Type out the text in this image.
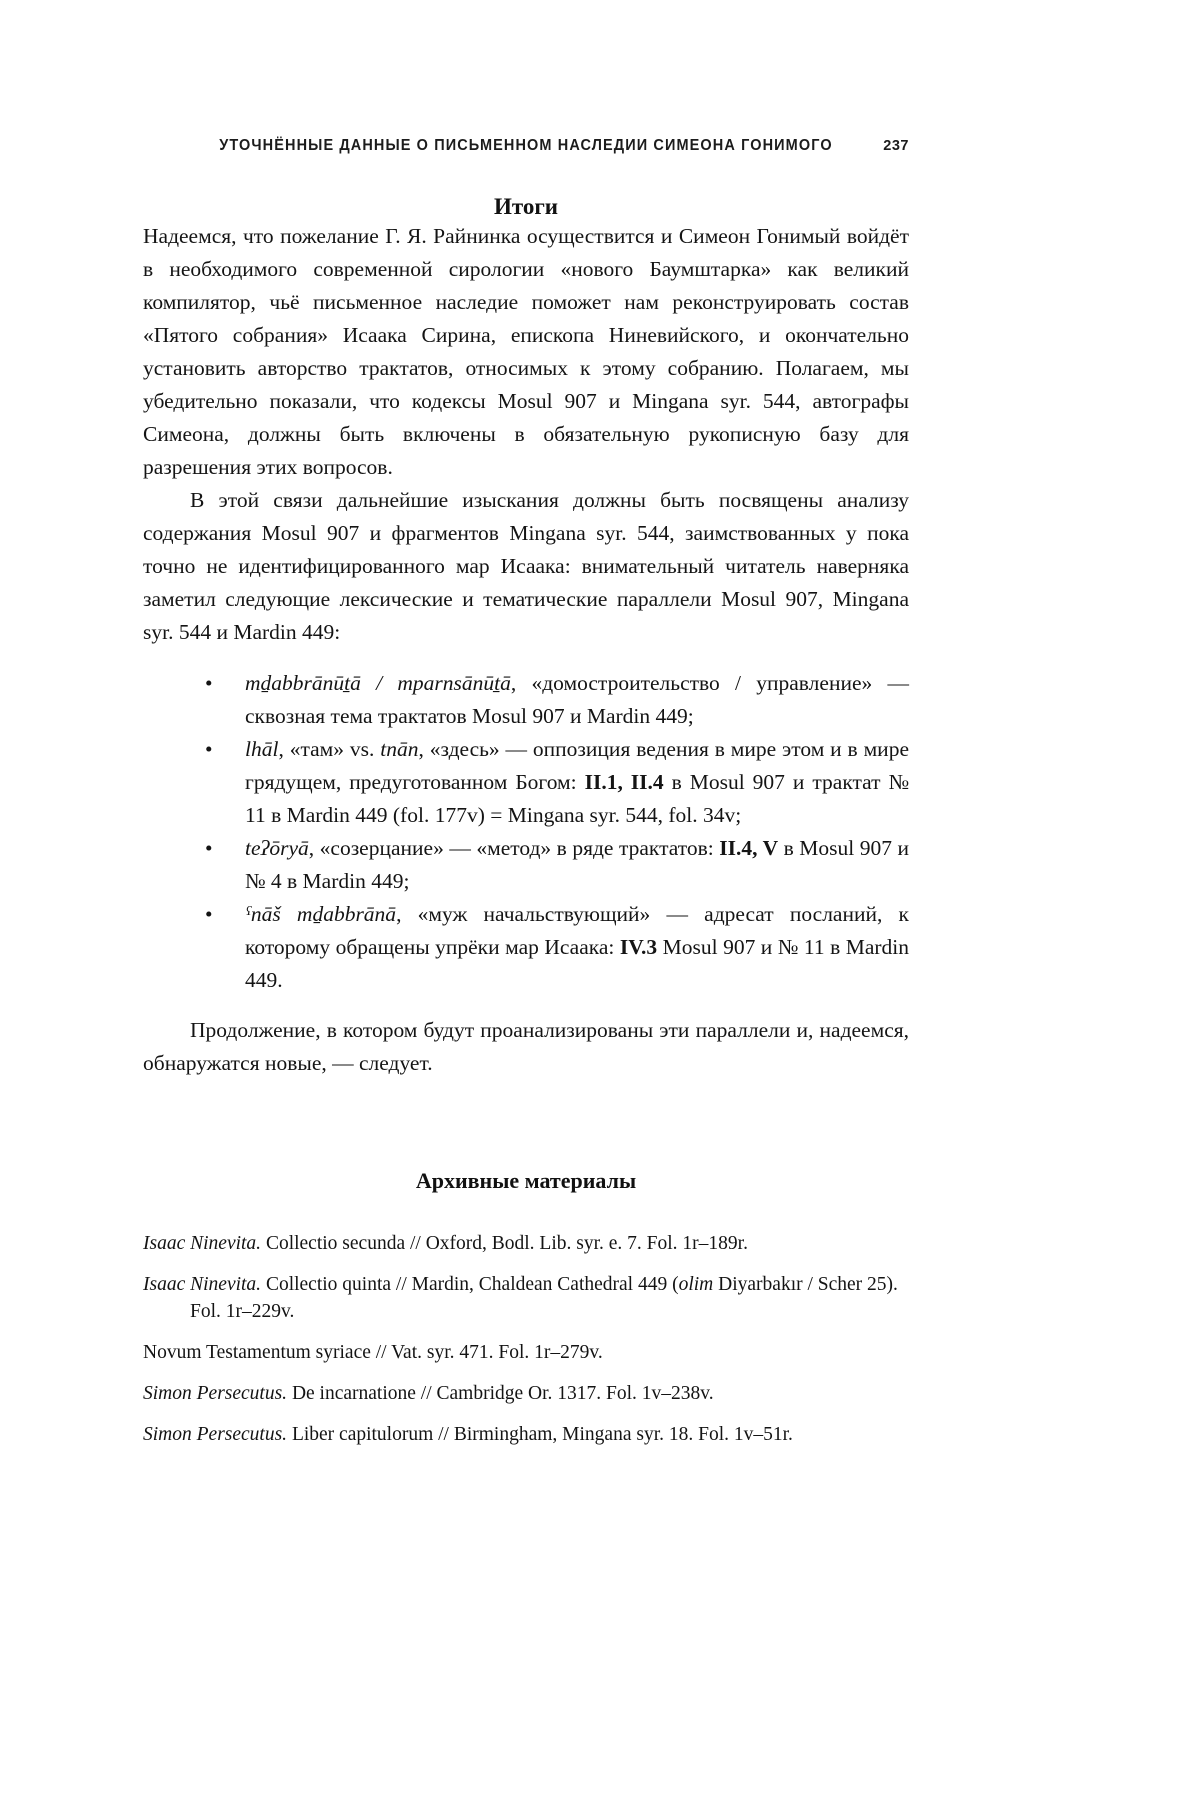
УТОЧНЁННЫЕ ДАННЫЕ О ПИСЬМЕННОМ НАСЛЕДИИ СИМЕОНА ГОНИМОГО	237
Итоги

Надеемся, что пожелание Г. Я. Райнинка осуществится и Симеон Гонимый войдёт в необходимого современной сирологии «нового Баумштарка» как великий компилятор, чьё письменное наследие поможет нам реконструировать состав «Пятого собрания» Исаака Сирина, епископа Ниневийского, и окончательно установить авторство трактатов, относимых к этому собранию. Полагаем, мы убедительно показали, что кодексы Mosul 907 и Mingana syr. 544, автографы Симеона, должны быть включены в обязательную рукописную базу для разрешения этих вопросов.

В этой связи дальнейшие изыскания должны быть посвящены анализу содержания Mosul 907 и фрагментов Mingana syr. 544, заимствованных у пока точно не идентифицированного мар Исаака: внимательный читатель наверняка заметил следующие лексические и тематические параллели Mosul 907, Mingana syr. 544 и Mardin 449:

• mḏabbrānūṯā / mparnsānūṯā, «домостроительство / управление» — сквозная тема трактатов Mosul 907 и Mardin 449;
• lhāl, «там» vs. tnān, «здесь» — оппозиция ведения в мире этом и в мире грядущем, предуготованном Богом: II.1, II.4 в Mosul 907 и трактат № 11 в Mardin 449 (fol. 177v) = Mingana syr. 544, fol. 34v;
• teʔōryā, «созерцание» — «метод» в ряде трактатов: II.4, V в Mosul 907 и № 4 в Mardin 449;
• ˤnāš mḏabbrānā, «муж начальствующий» — адресат посланий, к которому обращены упрёки мар Исаака: IV.3 Mosul 907 и № 11 в Mardin 449.

Продолжение, в котором будут проанализированы эти параллели и, надеемся, обнаружатся новые, — следует.

Архивные материалы
Isaac Ninevita. Collectio secunda // Oxford, Bodl. Lib. syr. e. 7. Fol. 1r–189r.
Isaac Ninevita. Collectio quinta // Mardin, Chaldean Cathedral 449 (olim Diyarbakır / Scher 25). Fol. 1r–229v.
Novum Testamentum syriace // Vat. syr. 471. Fol. 1r–279v.
Simon Persecutus. De incarnatione // Cambridge Or. 1317. Fol. 1v–238v.
Simon Persecutus. Liber capitulorum // Birmingham, Mingana syr. 18. Fol. 1v–51r.
